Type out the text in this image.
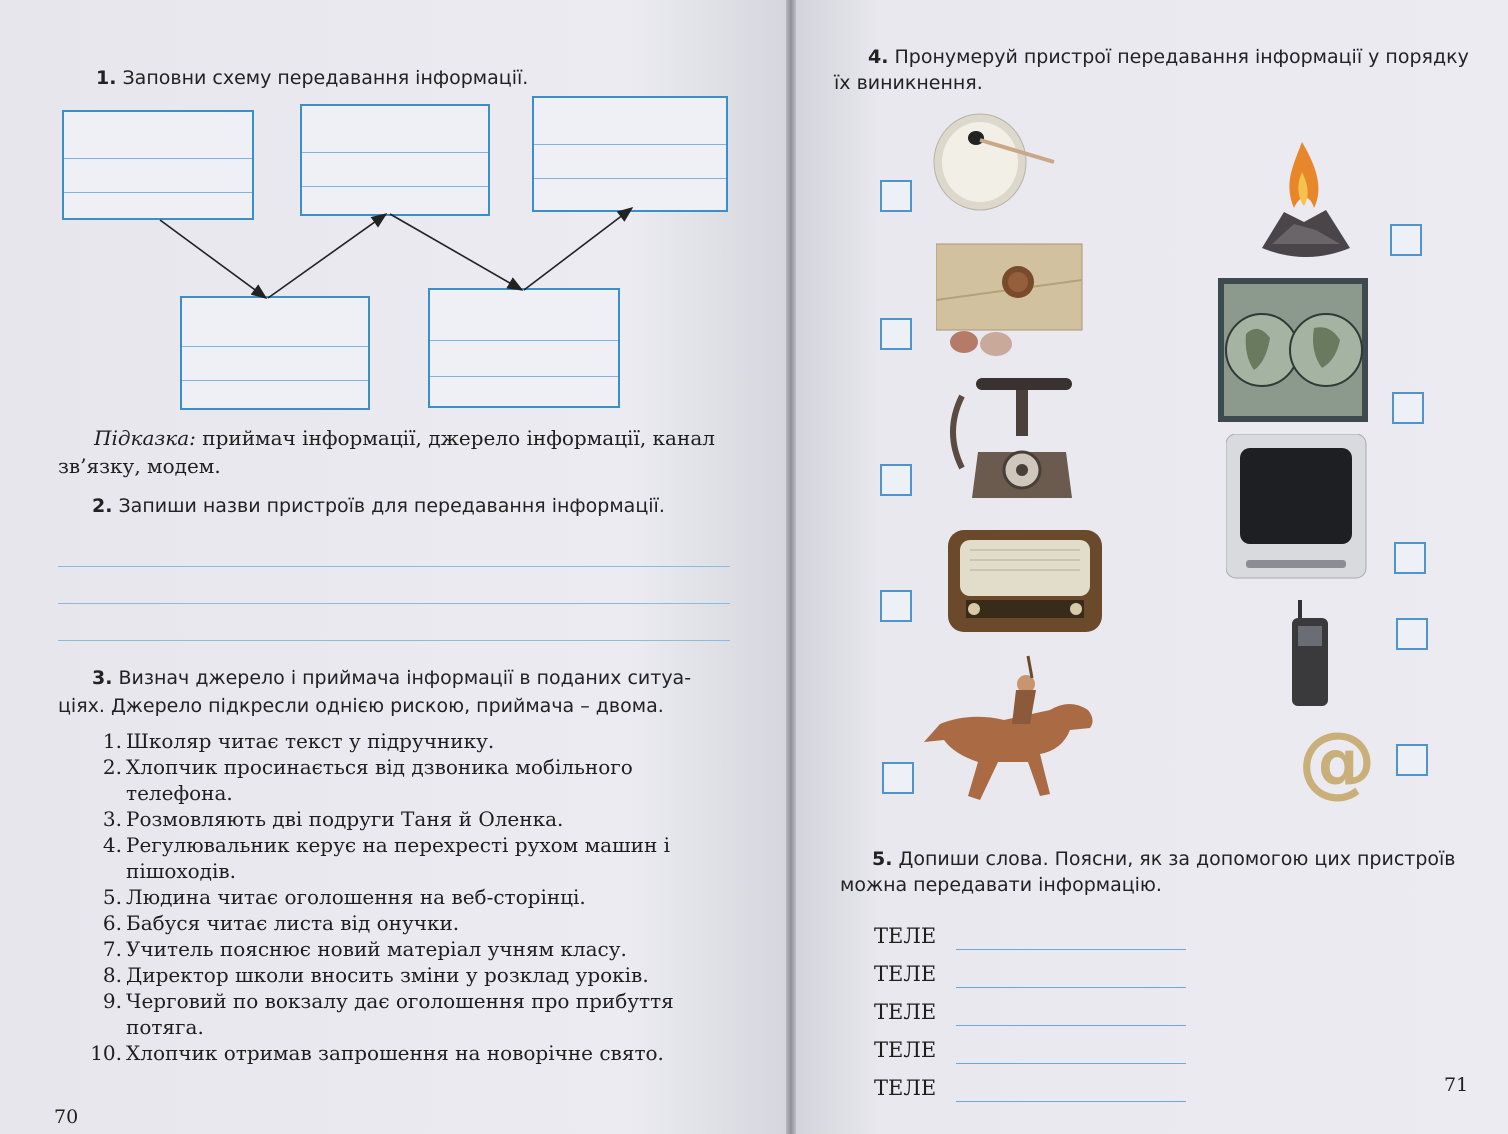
1. Заповни схему передавання інформації.
Підказка: приймач інформації, джерело інформації, канал зв’язку, модем.
2. Запиши назви пристроїв для передавання інформації.
3. Визнач джерело і приймача інформації в поданих ситуа-
ціях. Джерело підкресли однією рискою, приймача – двома.
1. Школяр читає текст у підручнику.
2. Хлопчик просинається від дзвоника мобільного телефона.
3. Розмовляють дві подруги Таня й Оленка.
4. Регулювальник керує на перехресті рухом машин і пішоходів.
5. Людина читає оголошення на веб-сторінці.
6. Бабуся читає листа від онучки.
7. Учитель пояснює новий матеріал учням класу.
8. Директор школи вносить зміни у розклад уроків.
9. Черговий по вокзалу дає оголошення про прибуття потяга.
10. Хлопчик отримав запрошення на новорічне свято.
70
4. Пронумеруй пристрої передавання інформації у порядку
їх виникнення.
@
5. Допиши слова. Поясни, як за допомогою цих пристроїв
можна передавати інформацію.
71
ТЕЛЕ
ТЕЛЕ
ТЕЛЕ
ТЕЛЕ
ТЕЛЕ
